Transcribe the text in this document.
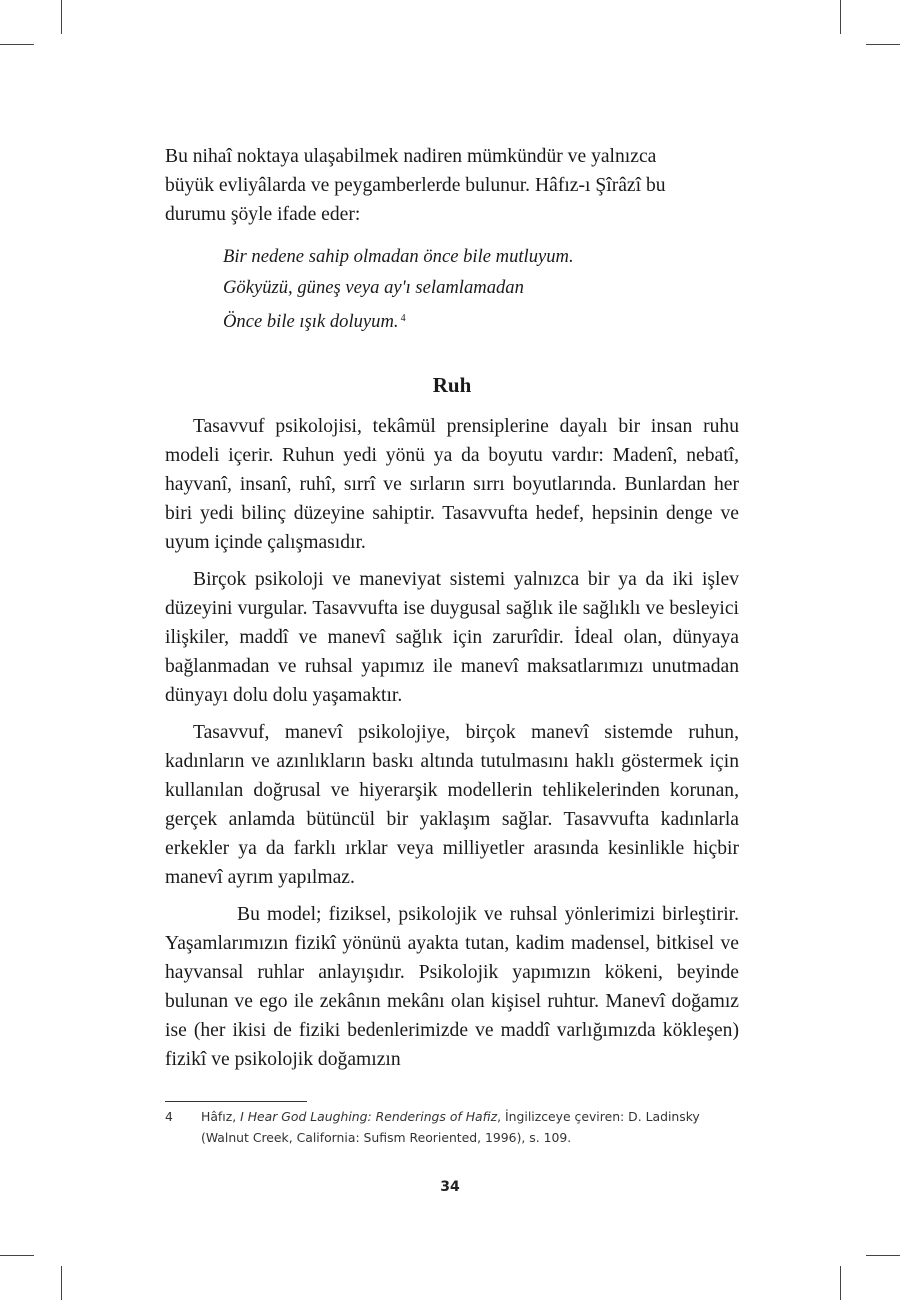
Bu nihaî noktaya ulaşabilmek nadiren mümkündür ve yalnızca

büyük evliyâlarda ve peygamberlerde bulunur. Hâfız-ı Şîrâzî bu

durumu şöyle ifade eder:

Bir nedene sahip olmadan önce bile mutluyum.
Gökyüzü, güneş veya ay'ı selamlamadan
Önce bile ışık doluyum. $^4$
Ruh

Tasavvuf psikolojisi, tekâmül prensiplerine dayalı bir insan ruhu modeli içerir. Ruhun yedi yönü ya da boyutu vardır: Madenî, nebatî, hayvanî, insanî, ruhî, sırrî ve sırların sırrı boyutlarında. Bunlardan her biri yedi bilinç düzeyine sahiptir. Tasavvufta hedef, hepsinin denge ve uyum içinde çalışmasıdır.

Birçok psikoloji ve maneviyat sistemi yalnızca bir ya da iki işlev düzeyini vurgular. Tasavvufta ise duygusal sağlık ile sağlıklı ve besleyici ilişkiler, maddî ve manevî sağlık için zarurîdir. İdeal olan, dünyaya bağlanmadan ve ruhsal yapımız ile manevî maksatlarımızı unutmadan dünyayı dolu dolu yaşamaktır.

Tasavvuf, manevî psikolojiye, birçok manevî sistemde ruhun, kadınların ve azınlıkların baskı altında tutulmasını haklı göstermek için kullanılan doğrusal ve hiyerarşik modellerin tehlikelerinden korunan, gerçek anlamda bütüncül bir yaklaşım sağlar. Tasavvufta kadınlarla erkekler ya da farklı ırklar veya milliyetler arasında kesinlikle hiçbir manevî ayrım yapılmaz.

Bu model; fiziksel, psikolojik ve ruhsal yönlerimizi birleştirir. Yaşamlarımızın fizikî yönünü ayakta tutan, kadim madensel, bitkisel ve hayvansal ruhlar anlayışıdır. Psikolojik yapımızın kökeni, beyinde bulunan ve ego ile zekânın mekânı olan kişisel ruhtur. Manevî doğamız ise (her ikisi de fiziki bedenlerimizde ve maddî varlığımızda kökleşen) fizikî ve psikolojik doğamızın

4 Hâfız, I Hear God Laughing: Renderings of Hafiz, İngilizceye çeviren: D. Ladinsky (Walnut Creek, California: Sufism Reoriented, 1996), s. 109.
34
